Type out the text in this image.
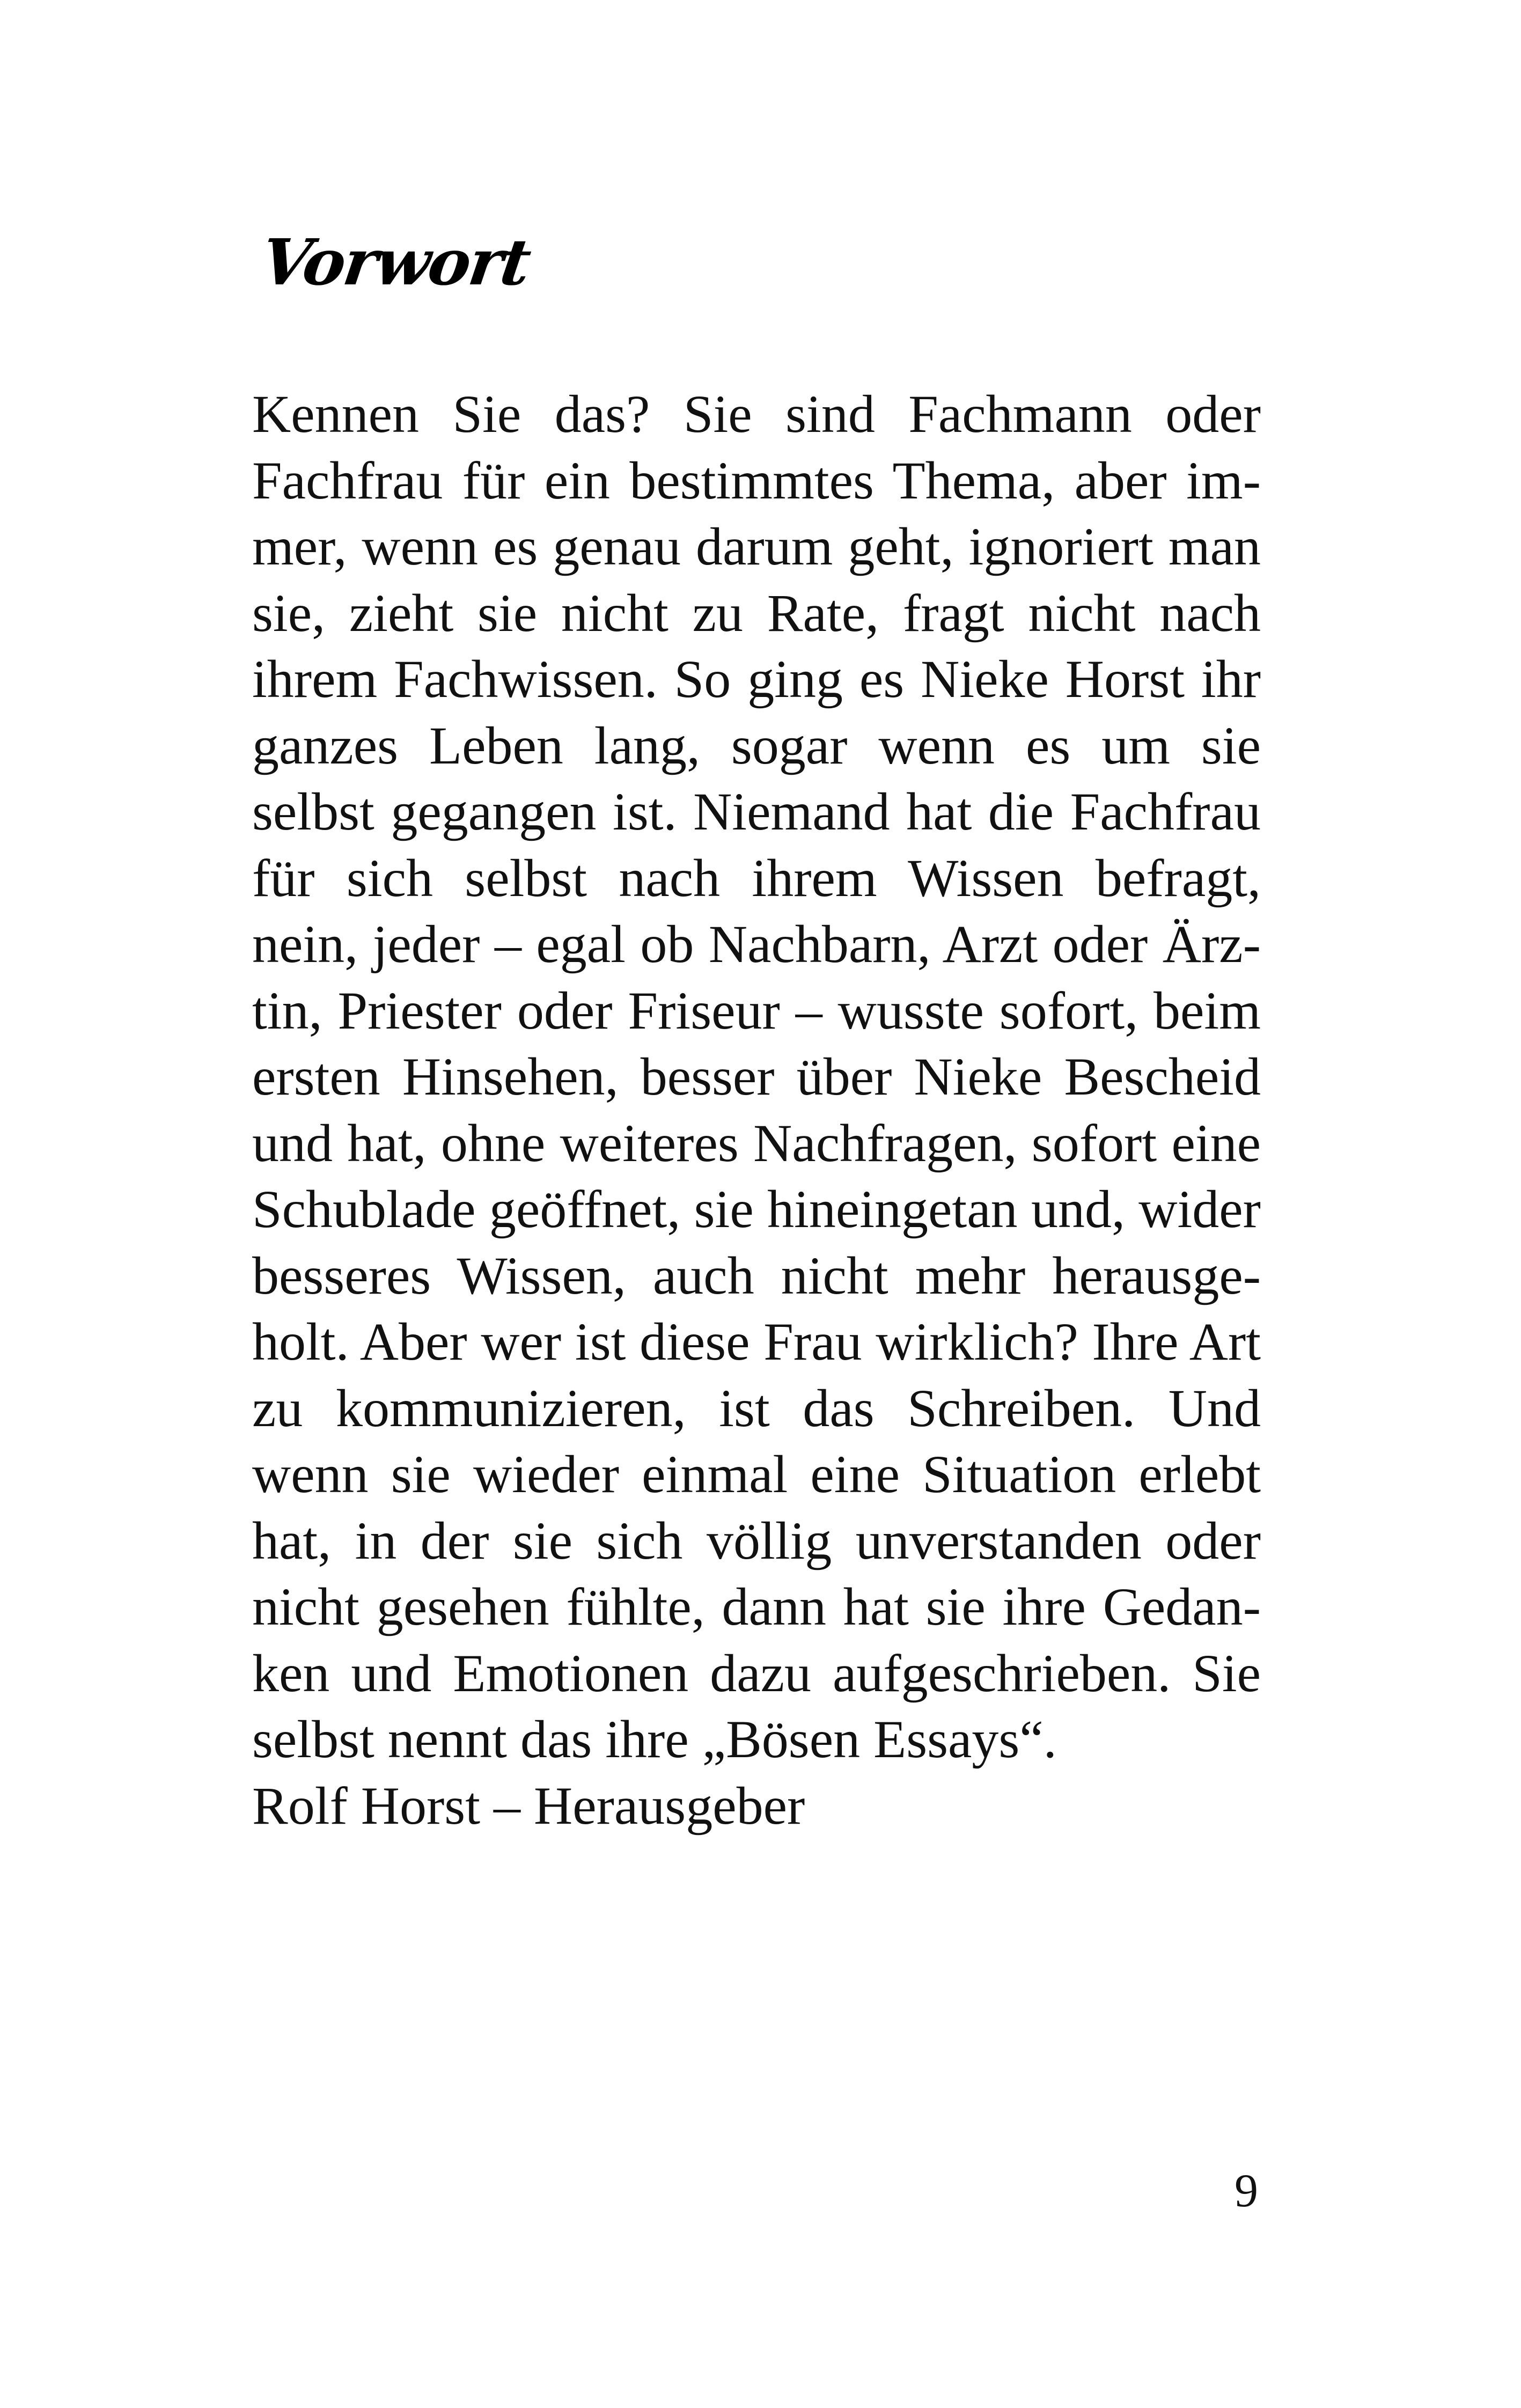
Vorwort
Kennen Sie das? Sie sind Fachmann oder
Fachfrau für ein bestimmtes Thema, aber im-
mer, wenn es genau darum geht, ignoriert man
sie, zieht sie nicht zu Rate, fragt nicht nach
ihrem Fachwissen. So ging es Nieke Horst ihr
ganzes Leben lang, sogar wenn es um sie
selbst gegangen ist. Niemand hat die Fachfrau
für sich selbst nach ihrem Wissen befragt,
nein, jeder – egal ob Nachbarn, Arzt oder Ärz-
tin, Priester oder Friseur – wusste sofort, beim
ersten Hinsehen, besser über Nieke Bescheid
und hat, ohne weiteres Nachfragen, sofort eine
Schublade geöffnet, sie hineingetan und, wider
besseres Wissen, auch nicht mehr herausge-
holt. Aber wer ist diese Frau wirklich? Ihre Art
zu kommunizieren, ist das Schreiben. Und
wenn sie wieder einmal eine Situation erlebt
hat, in der sie sich völlig unverstanden oder
nicht gesehen fühlte, dann hat sie ihre Gedan-
ken und Emotionen dazu aufgeschrieben. Sie
selbst nennt das ihre „Bösen Essays“.
Rolf Horst – Herausgeber
9
